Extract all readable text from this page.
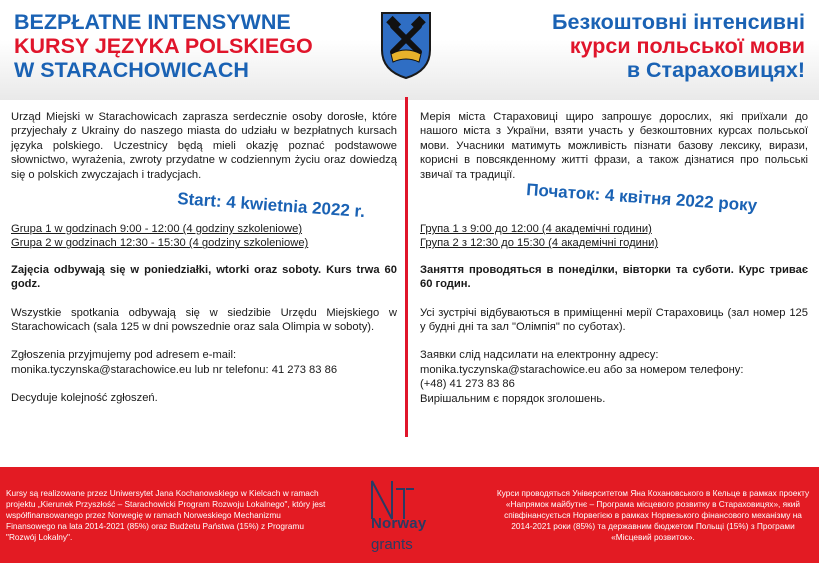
BEZPŁATNE INTENSYWNE
KURSY JĘZYKA POLSKIEGO
W STARACHOWICACH
Безкоштовні інтенсивні
курси польської мови
в Стараховицях!

Urząd Miejski w Starachowicach zaprasza serdecznie osoby dorosłe, które przyjechały z Ukrainy do naszego miasta do udziału w bezpłatnych kursach języka polskiego. Uczestnicy będą mieli okazję poznać podstawowe słownictwo, wyrażenia, zwroty przydatne w codziennym życiu oraz dowiedzą się o polskich zwyczajach i tradycjach.

Grupa 1 w godzinach 9:00 - 12:00 (4 godziny szkoleniowe)
Grupa 2 w godzinach 12:30 - 15:30 (4 godziny szkoleniowe)

Zajęcia odbywają się w poniedziałki, wtorki oraz soboty. Kurs trwa 60 godz.

Wszystkie spotkania odbywają się w siedzibie Urzędu Miejskiego w Starachowicach (sala 125 w dni powszednie oraz sala Olimpia w soboty).

Zgłoszenia przyjmujemy pod adresem e-mail:
monika.tyczynska@starachowice.eu lub nr telefonu: 41 273 83 86

Decyduje kolejność zgłoszeń.

Start: 4 kwietnia 2022 r.

Мерія міста Стараховиці щиро запрошує дорослих, які приїхали до нашого міста з України, взяти участь у безкоштовних курсах польської мови. Учасники матимуть можливість пізнати базову лексику, вирази, корисні в повсякденному житті фрази, а також дізнатися про польські звичаї та традиції.

Група 1 з 9:00 до 12:00 (4 академічні години)
Група 2 з 12:30 до 15:30 (4 академічні години)

Заняття проводяться в понеділки, вівторки та суботи. Курс триває 60 годин.

Усі зустрічі відбуваються в приміщенні мерії Стараховиць (зал номер 125 у будні дні та зал "Олімпія" по суботах).

Заявки слід надсилати на електронну адресу:
monika.tyczynska@starachowice.eu або за номером телефону:
(+48) 41 273 83 86

Вирішальним є порядок зголошень.

Початок: 4 квітня 2022 року
Kursy są realizowane przez Uniwersytet Jana Kochanowskiego w Kielcach w ramach projektu „Kierunek Przyszłość – Starachowicki Program Rozwoju Lokalnego", który jest współfinansowanego przez Norwegię w ramach Norweskiego Mechanizmu Finansowego na lata 2014-2021 (85%) oraz Budżetu Państwa (15%) z Programu "Rozwój Lokalny".
Norway
grants
Курси проводяться Університетом Яна Кохановського в Кельце в рамках проекту «Напрямок майбутнє – Програма місцевого розвитку в Стараховицях», який співфінансується Норвегією в рамках Норвезького фінансового механізму на 2014-2021 роки (85%) та державним бюджетом Польщі (15%) з Програми «Місцевий розвиток».
